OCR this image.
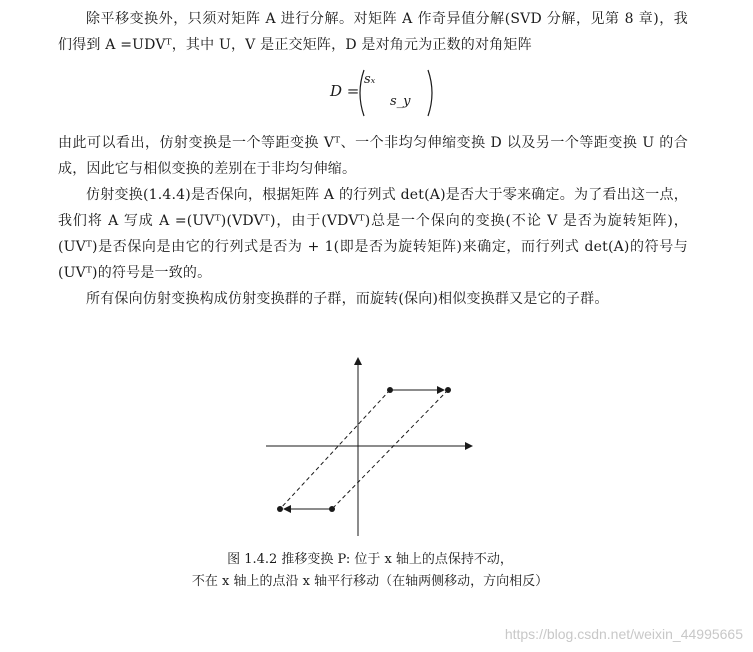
除平移变换外，只须对矩阵 A 进行分解。对矩阵 A 作奇异值分解(SVD 分解，见第 8 章)，我们得到 A =UDVᵀ，其中 U，V 是正交矩阵，D 是对角元为正数的对角矩阵

D =
sₓ
s_y

由此可以看出，仿射变换是一个等距变换 Vᵀ、一个非均匀伸缩变换 D 以及另一个等距变换 U 的合成，因此它与相似变换的差别在于非均匀伸缩。

仿射变换(1.4.4)是否保向，根据矩阵 A 的行列式 det(A)是否大于零来确定。为了看出这一点，我们将 A 写成 A =(UVᵀ)(VDVᵀ)，由于(VDVᵀ)总是一个保向的变换(不论 V 是否为旋转矩阵)，(UVᵀ)是否保向是由它的行列式是否为 + 1(即是否为旋转矩阵)来确定，而行列式 det(A)的符号与(UVᵀ)的符号是一致的。

所有保向仿射变换构成仿射变换群的子群，而旋转(保向)相似变换群又是它的子群。

图 1.4.2 推移变换 P: 位于 x 轴上的点保持不动，
不在 x 轴上的点沿 x 轴平行移动（在轴两侧移动，方向相反）
https://blog.csdn.net/weixin_44995665
